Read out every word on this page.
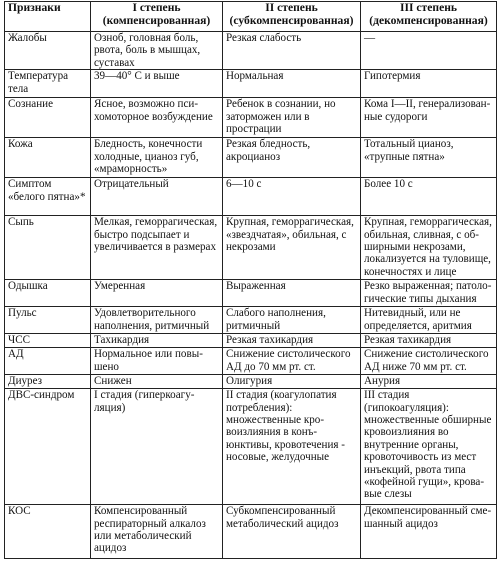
Признаки	I степень (компенсированная)	II степень (субкомпенсированная)	III степень (декомпенсированная)
Жалобы	Озноб, головная боль, рвота, боль в мышцах, суставах	Резкая слабость	—
Температура тела	39—40° С и выше	Нормальная	Гипотермия
Сознание	Ясное, возможно психомоторное возбуждение	Ребенок в сознании, но заторможен или в прострации	Кома I—II, генерализованные судороги
Кожа	Бледность, конечности холодные, цианоз губ, «мраморность»	Резкая бледность, акроцианоз	Тотальный цианоз, «трупные пятна»
Симптом «белого пятна»*	Отрицательный	6—10 с	Более 10 с
Сыпь	Мелкая, геморрагическая, быстро подсыпает и увеличивается в размерах	Крупная, геморрагическая, «звездчатая», обильная, с некрозами	Крупная, геморрагическая, обильная, сливная, с обширными некрозами, локализуется на туловище, конечностях и лице
Одышка	Умеренная	Выраженная	Резко выраженная; патологические типы дыхания
Пульс	Удовлетворительного наполнения, ритмичный	Слабого наполнения, ритмичный	Нитевидный, или не определяется, аритмия
ЧСС	Тахикардия	Резкая тахикардия	Резкая тахикардия
АД	Нормальное или повышено	Снижение систолического АД до 70 мм рт. ст.	Снижение систолического АД ниже 70 мм рт. ст.
Диурез	Снижен	Олигурия	Анурия
ДВС-синдром	I стадия (гиперкоагуляция)	II стадия (коагулопатия потребления): множественные кровоизлияния в конъюнктивы, кровотечения - носовые, желудочные	III стадия (гипокоагуляция): множественные обширные кровоизлияния во внутренние органы, кровоточивость из мест инъекций, рвота типа «кофейной гущи», кровавые слезы
КОС	Компенсированный респираторный алкалоз или метаболический ацидоз	Субкомпенсированный метаболический ацидоз	Декомпенсированный смешанный ацидоз
